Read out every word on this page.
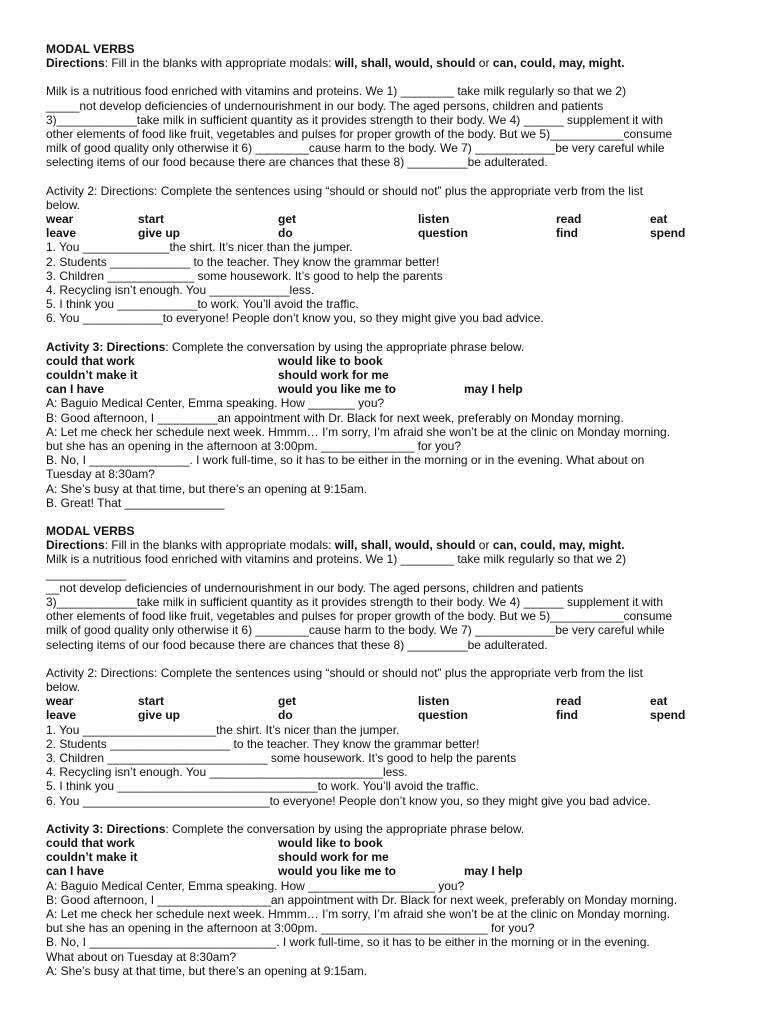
MODAL VERBS
Directions: Fill in the blanks with appropriate modals: will, shall, would, should or can, could, may, might.
Milk is a nutritious food enriched with vitamins and proteins. We 1) ________ take milk regularly so that we 2)
_____not develop deficiencies of undernourishment in our body. The aged persons, children and patients
3)____________take milk in sufficient quantity as it provides strength to their body. We 4) ______ supplement it with
other elements of food like fruit, vegetables and pulses for proper growth of the body. But we 5)___________consume
milk of good quality only otherwise it 6) ________cause harm to the body. We 7) ____________be very careful while
selecting items of our food because there are chances that these 8) _________be adulterated.
Activity 2: Directions: Complete the sentences using “should or should not” plus the appropriate verb from the list
below.
wear	start	get	listen	read	eat
leave	give up	do	question	find	spend
1. You _____________the shirt. It’s nicer than the jumper.
2. Students ____________ to the teacher. They know the grammar better!
3. Children _____________ some housework. It’s good to help the parents
4. Recycling isn’t enough. You ____________less.
5. I think you ____________to work. You’ll avoid the traffic.
6. You ____________to everyone! People don’t know you, so they might give you bad advice.
Activity 3: Directions: Complete the conversation by using the appropriate phrase below.
could that work	would like to book
couldn’t make it	should work for me
can I have	would you like me to	may I help
A: Baguio Medical Center, Emma speaking. How _______ you?
B: Good afternoon, I _________an appointment with Dr. Black for next week, preferably on Monday morning.
A: Let me check her schedule next week. Hmmm… I’m sorry, I’m afraid she won’t be at the clinic on Monday morning.
but she has an opening in the afternoon at 3:00pm. ______________ for you?
B. No, I _______________. I work full-time, so it has to be either in the morning or in the evening. What about on
Tuesday at 8:30am?
A: She’s busy at that time, but there’s an opening at 9:15am.
B. Great! That _______________
MODAL VERBS
Directions: Fill in the blanks with appropriate modals: will, shall, would, should or can, could, may, might.
Milk is a nutritious food enriched with vitamins and proteins. We 1) ________ take milk regularly so that we 2)
____________
__not develop deficiencies of undernourishment in our body. The aged persons, children and patients
3)____________take milk in sufficient quantity as it provides strength to their body. We 4) ______ supplement it with
other elements of food like fruit, vegetables and pulses for proper growth of the body. But we 5)___________consume
milk of good quality only otherwise it 6) ________cause harm to the body. We 7) ____________be very careful while
selecting items of our food because there are chances that these 8) _________be adulterated.
Activity 2: Directions: Complete the sentences using “should or should not” plus the appropriate verb from the list
below.
wear	start	get	listen	read	eat
leave	give up	do	question	find	spend
1. You ____________________the shirt. It’s nicer than the jumper.
2. Students __________________ to the teacher. They know the grammar better!
3. Children ________________________ some housework. It’s good to help the parents
4. Recycling isn’t enough. You __________________________less.
5. I think you ______________________________to work. You’ll avoid the traffic.
6. You ____________________________to everyone! People don’t know you, so they might give you bad advice.
Activity 3: Directions: Complete the conversation by using the appropriate phrase below.
could that work	would like to book
couldn’t make it	should work for me
can I have	would you like me to	may I help
A: Baguio Medical Center, Emma speaking. How ___________________ you?
B: Good afternoon, I _________________an appointment with Dr. Black for next week, preferably on Monday morning.
A: Let me check her schedule next week. Hmmm… I’m sorry, I’m afraid she won’t be at the clinic on Monday morning.
but she has an opening in the afternoon at 3:00pm. _________________________ for you?
B. No, I ____________________________. I work full-time, so it has to be either in the morning or in the evening.
What about on Tuesday at 8:30am?
A: She’s busy at that time, but there’s an opening at 9:15am.
